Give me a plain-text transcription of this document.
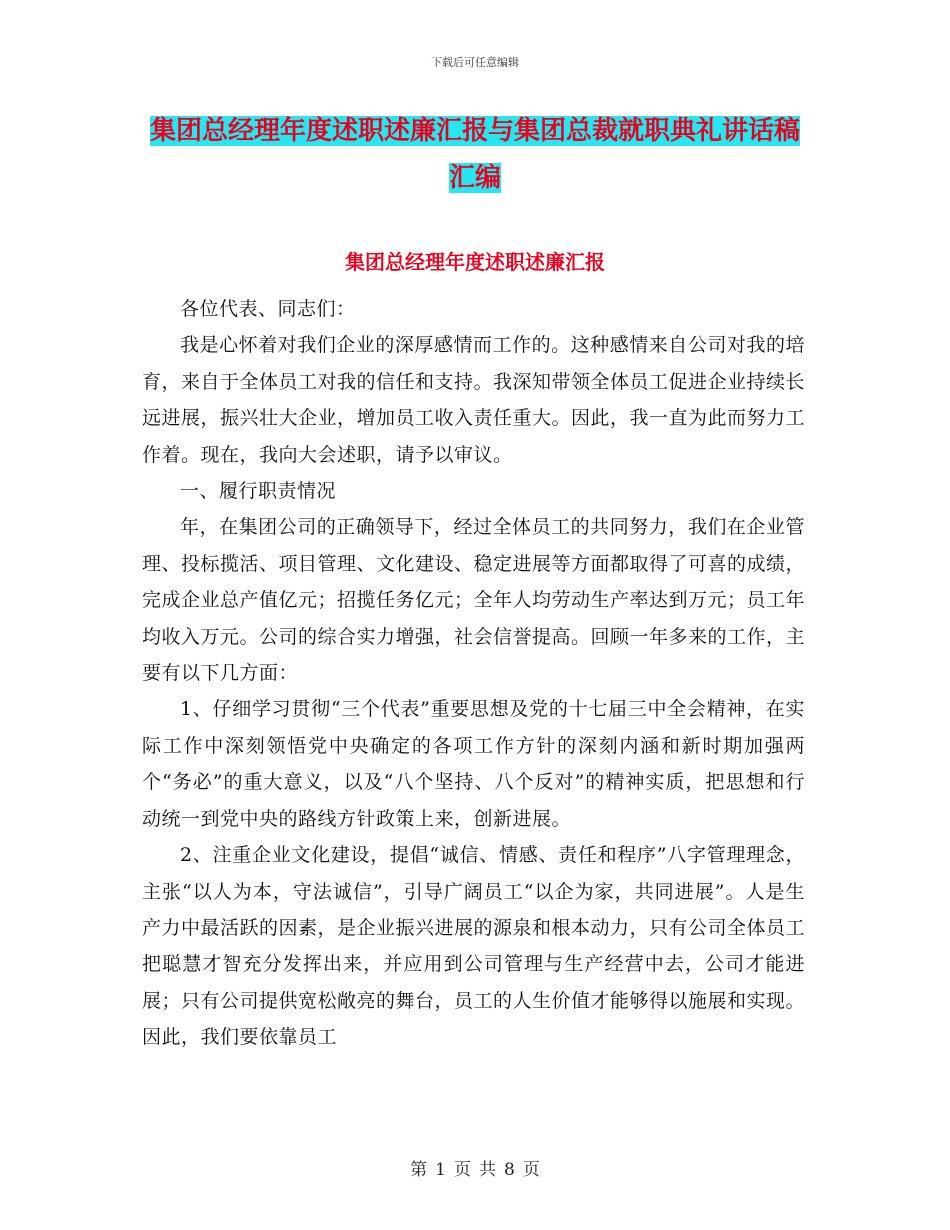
下载后可任意编辑
集团总经理年度述职述廉汇报与集团总裁就职典礼讲话稿汇编
集团总经理年度述职述廉汇报

各位代表、同志们：

我是心怀着对我们企业的深厚感情而工作的。这种感情来自公司对我的培育，来自于全体员工对我的信任和支持。我深知带领全体员工促进企业持续长远进展，振兴壮大企业，增加员工收入责任重大。因此，我一直为此而努力工作着。现在，我向大会述职，请予以审议。

一、履行职责情况

年，在集团公司的正确领导下，经过全体员工的共同努力，我们在企业管理、投标揽活、项目管理、文化建设、稳定进展等方面都取得了可喜的成绩，完成企业总产值亿元；招揽任务亿元；全年人均劳动生产率达到万元；员工年均收入万元。公司的综合实力增强，社会信誉提高。回顾一年多来的工作，主要有以下几方面：

1、仔细学习贯彻“三个代表”重要思想及党的十七届三中全会精神，在实际工作中深刻领悟党中央确定的各项工作方针的深刻内涵和新时期加强两个“务必”的重大意义，以及“八个坚持、八个反对”的精神实质，把思想和行动统一到党中央的路线方针政策上来，创新进展。

2、注重企业文化建设，提倡“诚信、情感、责任和程序”八字管理理念，主张“以人为本，守法诚信”，引导广阔员工“以企为家，共同进展”。人是生产力中最活跃的因素，是企业振兴进展的源泉和根本动力，只有公司全体员工把聪慧才智充分发挥出来，并应用到公司管理与生产经营中去，公司才能进展；只有公司提供宽松敞亮的舞台，员工的人生价值才能够得以施展和实现。因此，我们要依靠员工

第 1 页 共 8 页
